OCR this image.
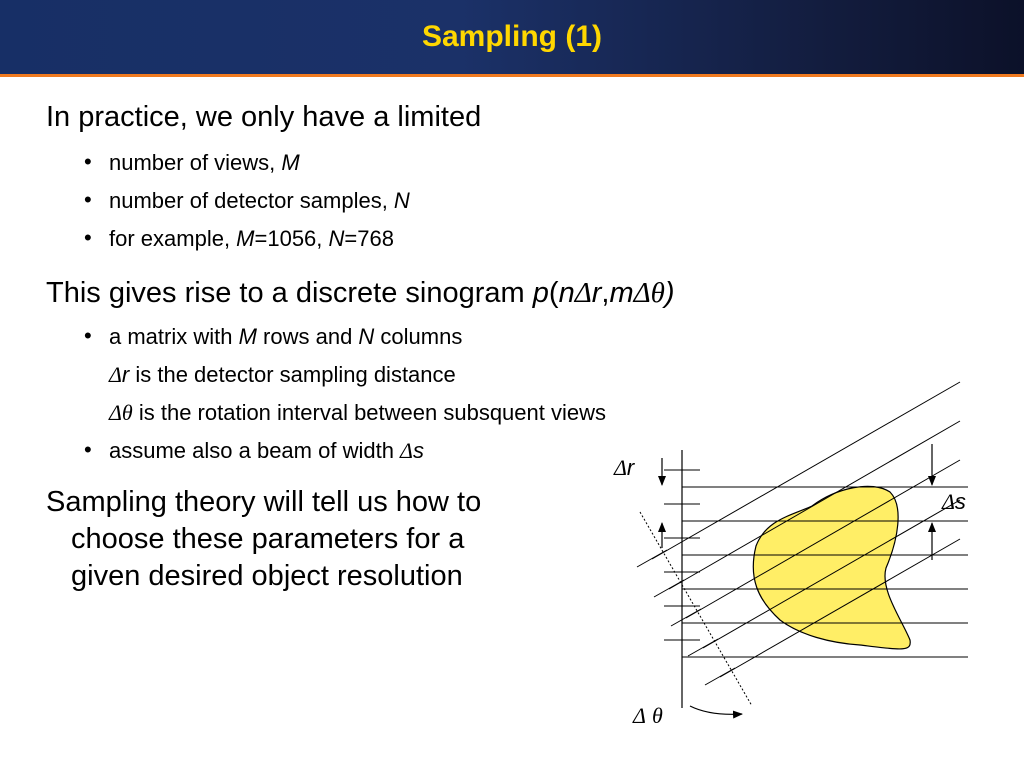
Sampling (1)
In practice, we only have a limited
• number of views, M
• number of detector samples, N
• for example, M=1056, N=768
This gives rise to a discrete sinogram p(nΔr,mΔθ)
• a matrix with M rows and N columns
Δr is the detector sampling distance
Δθ is the rotation interval between subsquent views
• assume also a beam of width Δs
Sampling theory will tell us how to
choose these parameters for a
given desired object resolution
Δr
Δs
Δ θ
